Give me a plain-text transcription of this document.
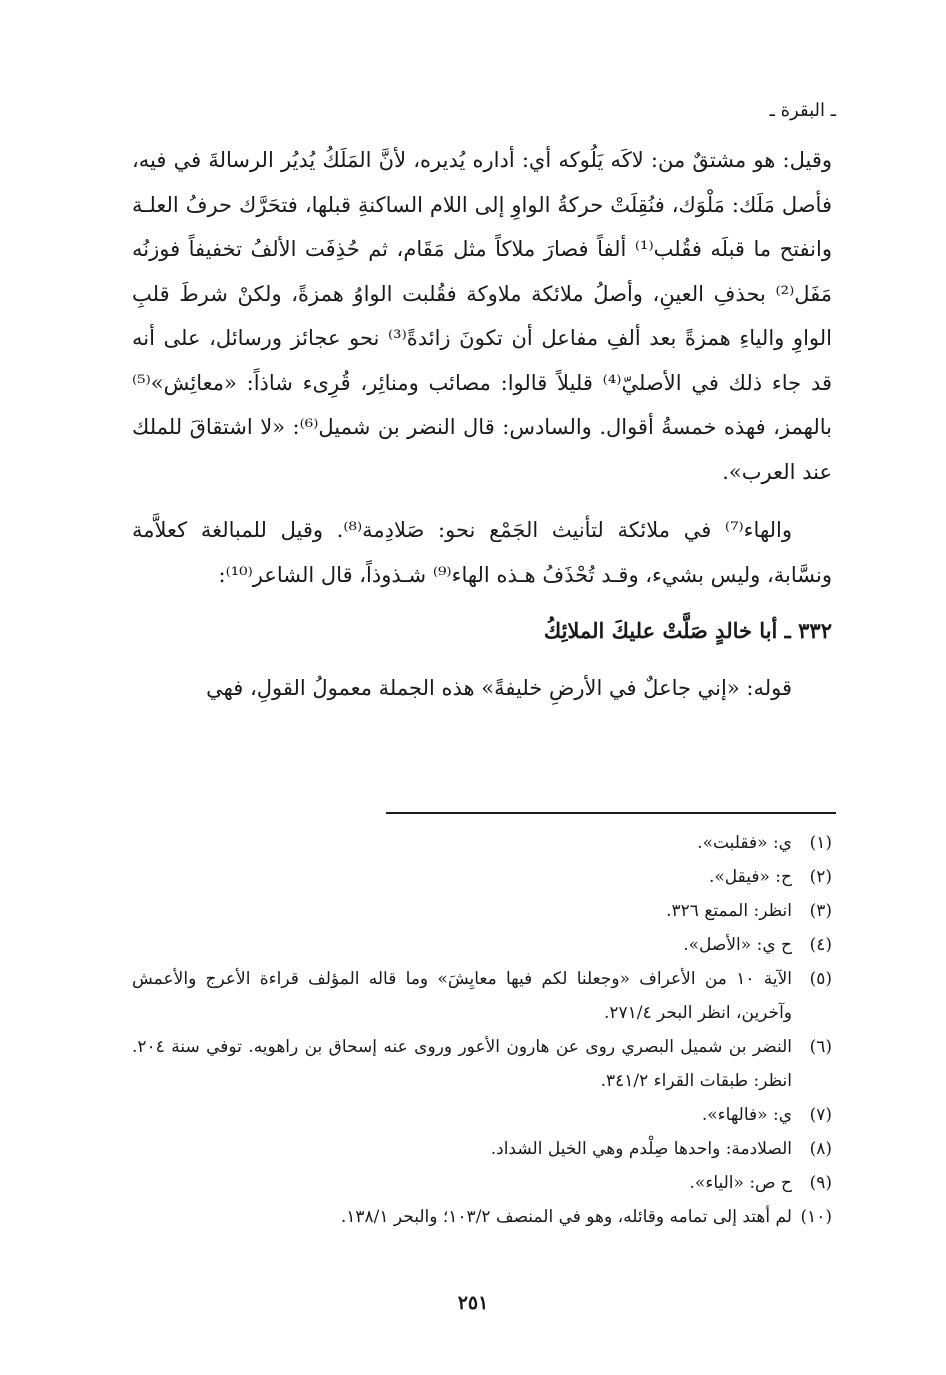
ـ البقرة ـ

وقيل: هو مشتقٌ من: لاكَه يَلُوكه أي: أداره يُديره، لأنَّ المَلَكُ يُديُر الرسالةَ في فيه، فأصل مَلَك: مَلْوَك، فنُقِلَتْ حركةُ الواوِ إلى اللام الساكنةِ قبلها، فتحَرَّك حرفُ العلـة وانفتح ما قبلَه فقُلب⁽¹⁾ ألفاً فصارَ ملاكاً مثل مَقَام، ثم حُذِفَت الألفُ تخفيفاً فوزنُه مَفَل⁽²⁾ بحذفِ العينِ، وأصلُ ملائكة ملاوكة فقُلبت الواوُ همزةً، ولكنْ شرطَ قلبِ الواوِ والياءِ همزةً بعد ألفِ مفاعل أن تكونَ زائدةً⁽³⁾ نحو عجائز ورسائل، على أنه قد جاء ذلك في الأصليّ⁽⁴⁾ قليلاً قالوا: مصائب ومنائِر، قُرِىء شاذاً: «معائِش»⁽⁵⁾ بالهمز، فهذه خمسةُ أقوال. والسادس: قال النضر بن شميل⁽⁶⁾: «لا اشتقاقَ للملك عند العرب».

والهاء⁽⁷⁾ في ملائكة لتأنيث الجَمْع نحو: صَلادِمة⁽⁸⁾. وقيل للمبالغة كعلاَّمة ونسَّابة، وليس بشيء، وقـد تُحْذَفُ هـذه الهاء⁽⁹⁾ شـذوذاً، قال الشاعر⁽¹⁰⁾:

٣٣٢ ـ أبا خالدٍ صَلَّتْ عليكَ الملائِكُ

قوله: «إني جاعلٌ في الأرضِ خليفةً» هذه الجملة معمولُ القولِ، فهي

(١)
ي: «فقلبت».
(٢)
ح: «فيقل».
(٣)
انظر: الممتع ٣٢٦.
(٤)
ح ي: «الأصل».
(٥)
الآية ١٠ من الأعراف «وجعلنا لكم فيها معايِشَ» وما قاله المؤلف قراءة الأعرج والأعمش وآخرين، انظر البحر ٢٧١/٤.
(٦)
النضر بن شميل البصري روى عن هارون الأعور وروى عنه إسحاق بن راهويه. توفي سنة ٢٠٤. انظر: طبقات القراء ٣٤١/٢.
(٧)
ي: «فالهاء».
(٨)
الصلادمة: واحدها صِلْدم وهي الخيل الشداد.
(٩)
ح ص: «الياء».
(١٠)
لم أهتد إلى تمامه وقائله، وهو في المنصف ١٠٣/٢؛ والبحر ١٣٨/١.
٢٥١
